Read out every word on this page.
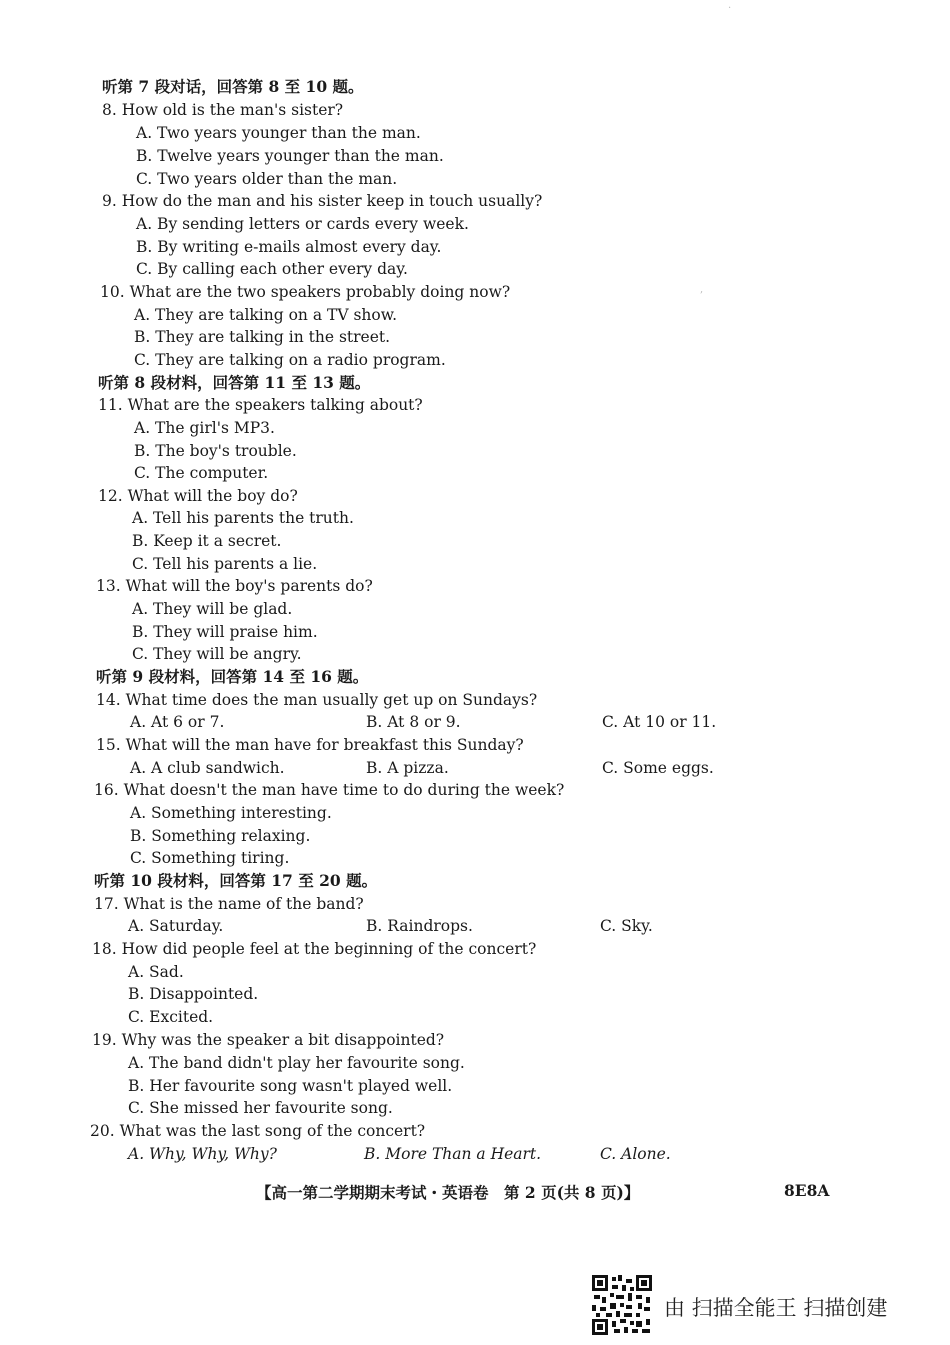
听第 7 段对话，回答第 8 至 10 题。
8. How old is the man's sister?
A. Two years younger than the man.
B. Twelve years younger than the man.
C. Two years older than the man.
9. How do the man and his sister keep in touch usually?
A. By sending letters or cards every week.
B. By writing e-mails almost every day.
C. By calling each other every day.
10. What are the two speakers probably doing now?
A. They are talking on a TV show.
B. They are talking in the street.
C. They are talking on a radio program.
听第 8 段材料，回答第 11 至 13 题。
11. What are the speakers talking about?
A. The girl's MP3.
B. The boy's trouble.
C. The computer.
12. What will the boy do?
A. Tell his parents the truth.
B. Keep it a secret.
C. Tell his parents a lie.
13. What will the boy's parents do?
A. They will be glad.
B. They will praise him.
C. They will be angry.
听第 9 段材料，回答第 14 至 16 题。
14. What time does the man usually get up on Sundays?
A. At 6 or 7.	B. At 8 or 9.	C. At 10 or 11.
15. What will the man have for breakfast this Sunday?
A. A club sandwich.	B. A pizza.	C. Some eggs.
16. What doesn't the man have time to do during the week?
A. Something interesting.
B. Something relaxing.
C. Something tiring.
听第 10 段材料，回答第 17 至 20 题。
17. What is the name of the band?
A. Saturday.	B. Raindrops.	C. Sky.
18. How did people feel at the beginning of the concert?
A. Sad.
B. Disappointed.
C. Excited.
19. Why was the speaker a bit disappointed?
A. The band didn't play her favourite song.
B. Her favourite song wasn't played well.
C. She missed her favourite song.
20. What was the last song of the concert?
A. Why, Why, Why?	B. More Than a Heart.	C. Alone.
【高一第二学期期末考试・英语卷　第 2 页(共 8 页)】	8E8A
由 扫描全能王 扫描创建
,
.
